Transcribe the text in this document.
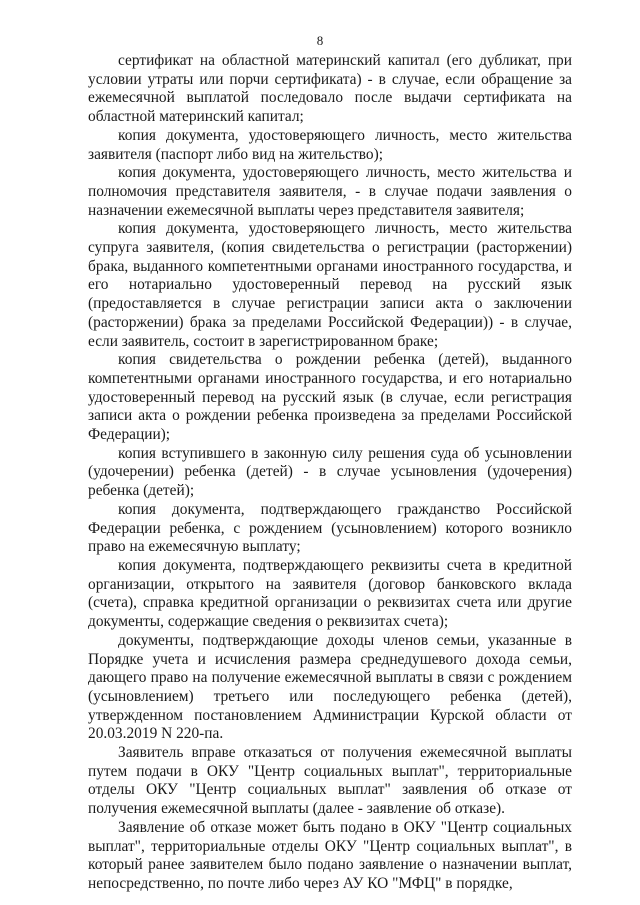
8

сертификат на областной материнский капитал (его дубликат, при условии утраты или порчи сертификата) - в случае, если обращение за ежемесячной выплатой последовало после выдачи сертификата на областной материнский капитал;

копия документа, удостоверяющего личность, место жительства заявителя (паспорт либо вид на жительство);

копия документа, удостоверяющего личность, место жительства и полномочия представителя заявителя, - в случае подачи заявления о назначении ежемесячной выплаты через представителя заявителя;

копия документа, удостоверяющего личность, место жительства супруга заявителя, (копия свидетельства о регистрации (расторжении) брака, выданного компетентными органами иностранного государства, и его нотариально удостоверенный перевод на русский язык (предоставляется в случае регистрации записи акта о заключении (расторжении) брака за пределами Российской Федерации)) - в случае, если заявитель, состоит в зарегистрированном браке;

копия свидетельства о рождении ребенка (детей), выданного компетентными органами иностранного государства, и его нотариально удостоверенный перевод на русский язык (в случае, если регистрация записи акта о рождении ребенка произведена за пределами Российской Федерации);

копия вступившего в законную силу решения суда об усыновлении (удочерении) ребенка (детей) - в случае усыновления (удочерения) ребенка (детей);

копия документа, подтверждающего гражданство Российской Федерации ребенка, с рождением (усыновлением) которого возникло право на ежемесячную выплату;

копия документа, подтверждающего реквизиты счета в кредитной организации, открытого на заявителя (договор банковского вклада (счета), справка кредитной организации о реквизитах счета или другие документы, содержащие сведения о реквизитах счета);

документы, подтверждающие доходы членов семьи, указанные в Порядке учета и исчисления размера среднедушевого дохода семьи, дающего право на получение ежемесячной выплаты в связи с рождением (усыновлением) третьего или последующего ребенка (детей), утвержденном постановлением Администрации Курской области от 20.03.2019 N 220-па.

Заявитель вправе отказаться от получения ежемесячной выплаты путем подачи в ОКУ "Центр социальных выплат", территориальные отделы ОКУ "Центр социальных выплат" заявления об отказе от получения ежемесячной выплаты (далее - заявление об отказе).

Заявление об отказе может быть подано в ОКУ "Центр социальных выплат", территориальные отделы ОКУ "Центр социальных выплат", в который ранее заявителем было подано заявление о назначении выплат, непосредственно, по почте либо через АУ КО "МФЦ" в порядке,
